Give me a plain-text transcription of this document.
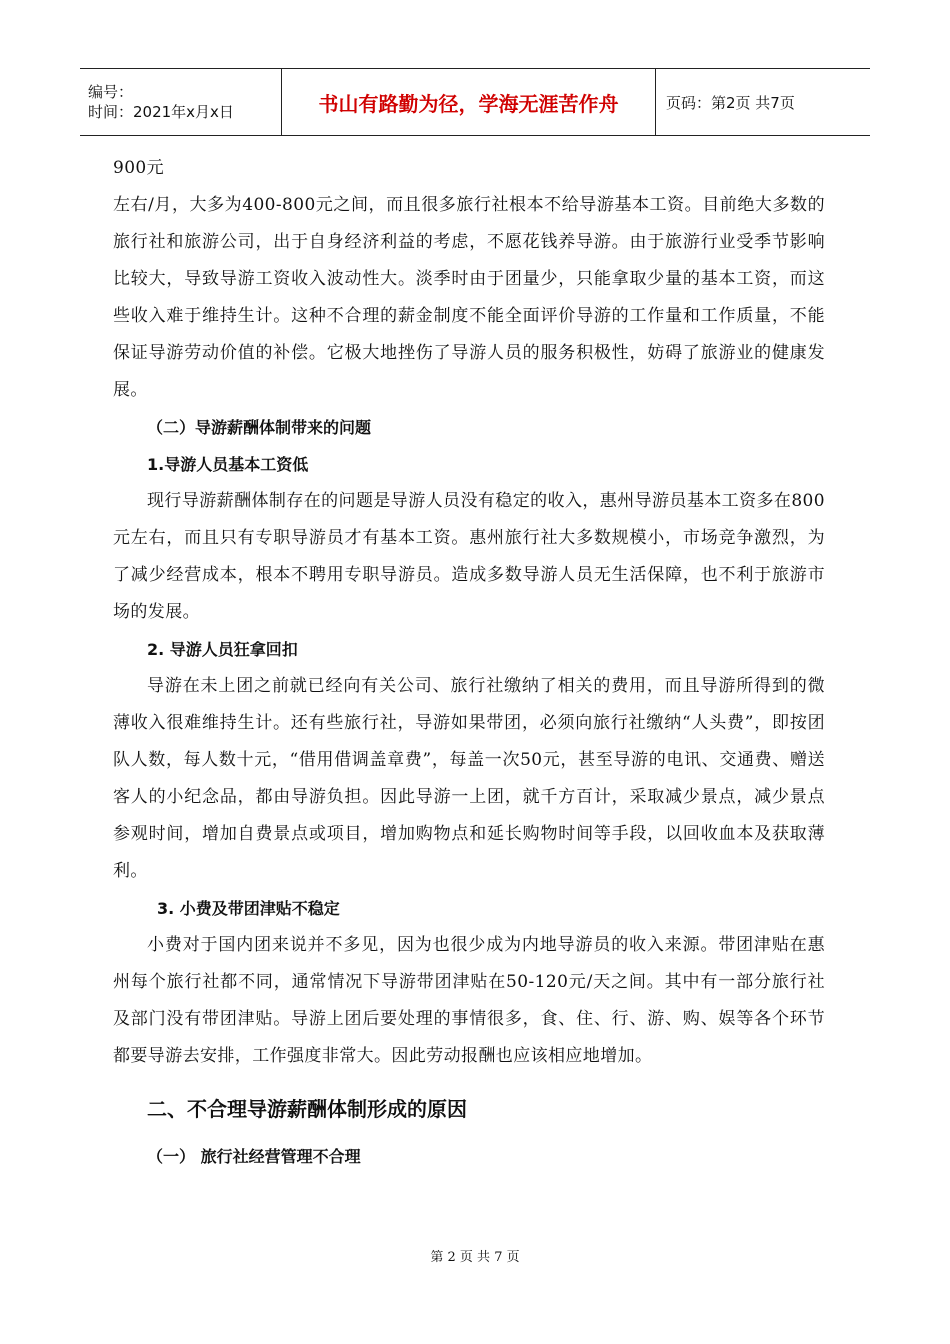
编号：
时间：2021年x月x日	书山有路勤为径，学海无涯苦作舟	页码：第2页 共7页

900元

左右/月，大多为400-800元之间，而且很多旅行社根本不给导游基本工资。目前绝大多数的旅行社和旅游公司，出于自身经济利益的考虑，不愿花钱养导游。由于旅游行业受季节影响比较大，导致导游工资收入波动性大。淡季时由于团量少，只能拿取少量的基本工资，而这些收入难于维持生计。这种不合理的薪金制度不能全面评价导游的工作量和工作质量，不能保证导游劳动价值的补偿。它极大地挫伤了导游人员的服务积极性，妨碍了旅游业的健康发展。

（二）导游薪酬体制带来的问题

1.导游人员基本工资低

现行导游薪酬体制存在的问题是导游人员没有稳定的收入，惠州导游员基本工资多在800元左右，而且只有专职导游员才有基本工资。惠州旅行社大多数规模小，市场竞争激烈，为了减少经营成本，根本不聘用专职导游员。造成多数导游人员无生活保障，也不利于旅游市场的发展。

2. 导游人员狂拿回扣

导游在未上团之前就已经向有关公司、旅行社缴纳了相关的费用，而且导游所得到的微薄收入很难维持生计。还有些旅行社，导游如果带团，必须向旅行社缴纳“人头费”，即按团队人数，每人数十元，“借用借调盖章费”，每盖一次50元，甚至导游的电讯、交通费、赠送客人的小纪念品，都由导游负担。因此导游一上团，就千方百计，采取减少景点，减少景点参观时间，增加自费景点或项目，增加购物点和延长购物时间等手段，以回收血本及获取薄利。

3. 小费及带团津贴不稳定

小费对于国内团来说并不多见，因为也很少成为内地导游员的收入来源。带团津贴在惠州每个旅行社都不同，通常情况下导游带团津贴在50-120元/天之间。其中有一部分旅行社及部门没有带团津贴。导游上团后要处理的事情很多，食、住、行、游、购、娱等各个环节都要导游去安排，工作强度非常大。因此劳动报酬也应该相应地增加。

二、不合理导游薪酬体制形成的原因

（一） 旅行社经营管理不合理

第 2 页 共 7 页
